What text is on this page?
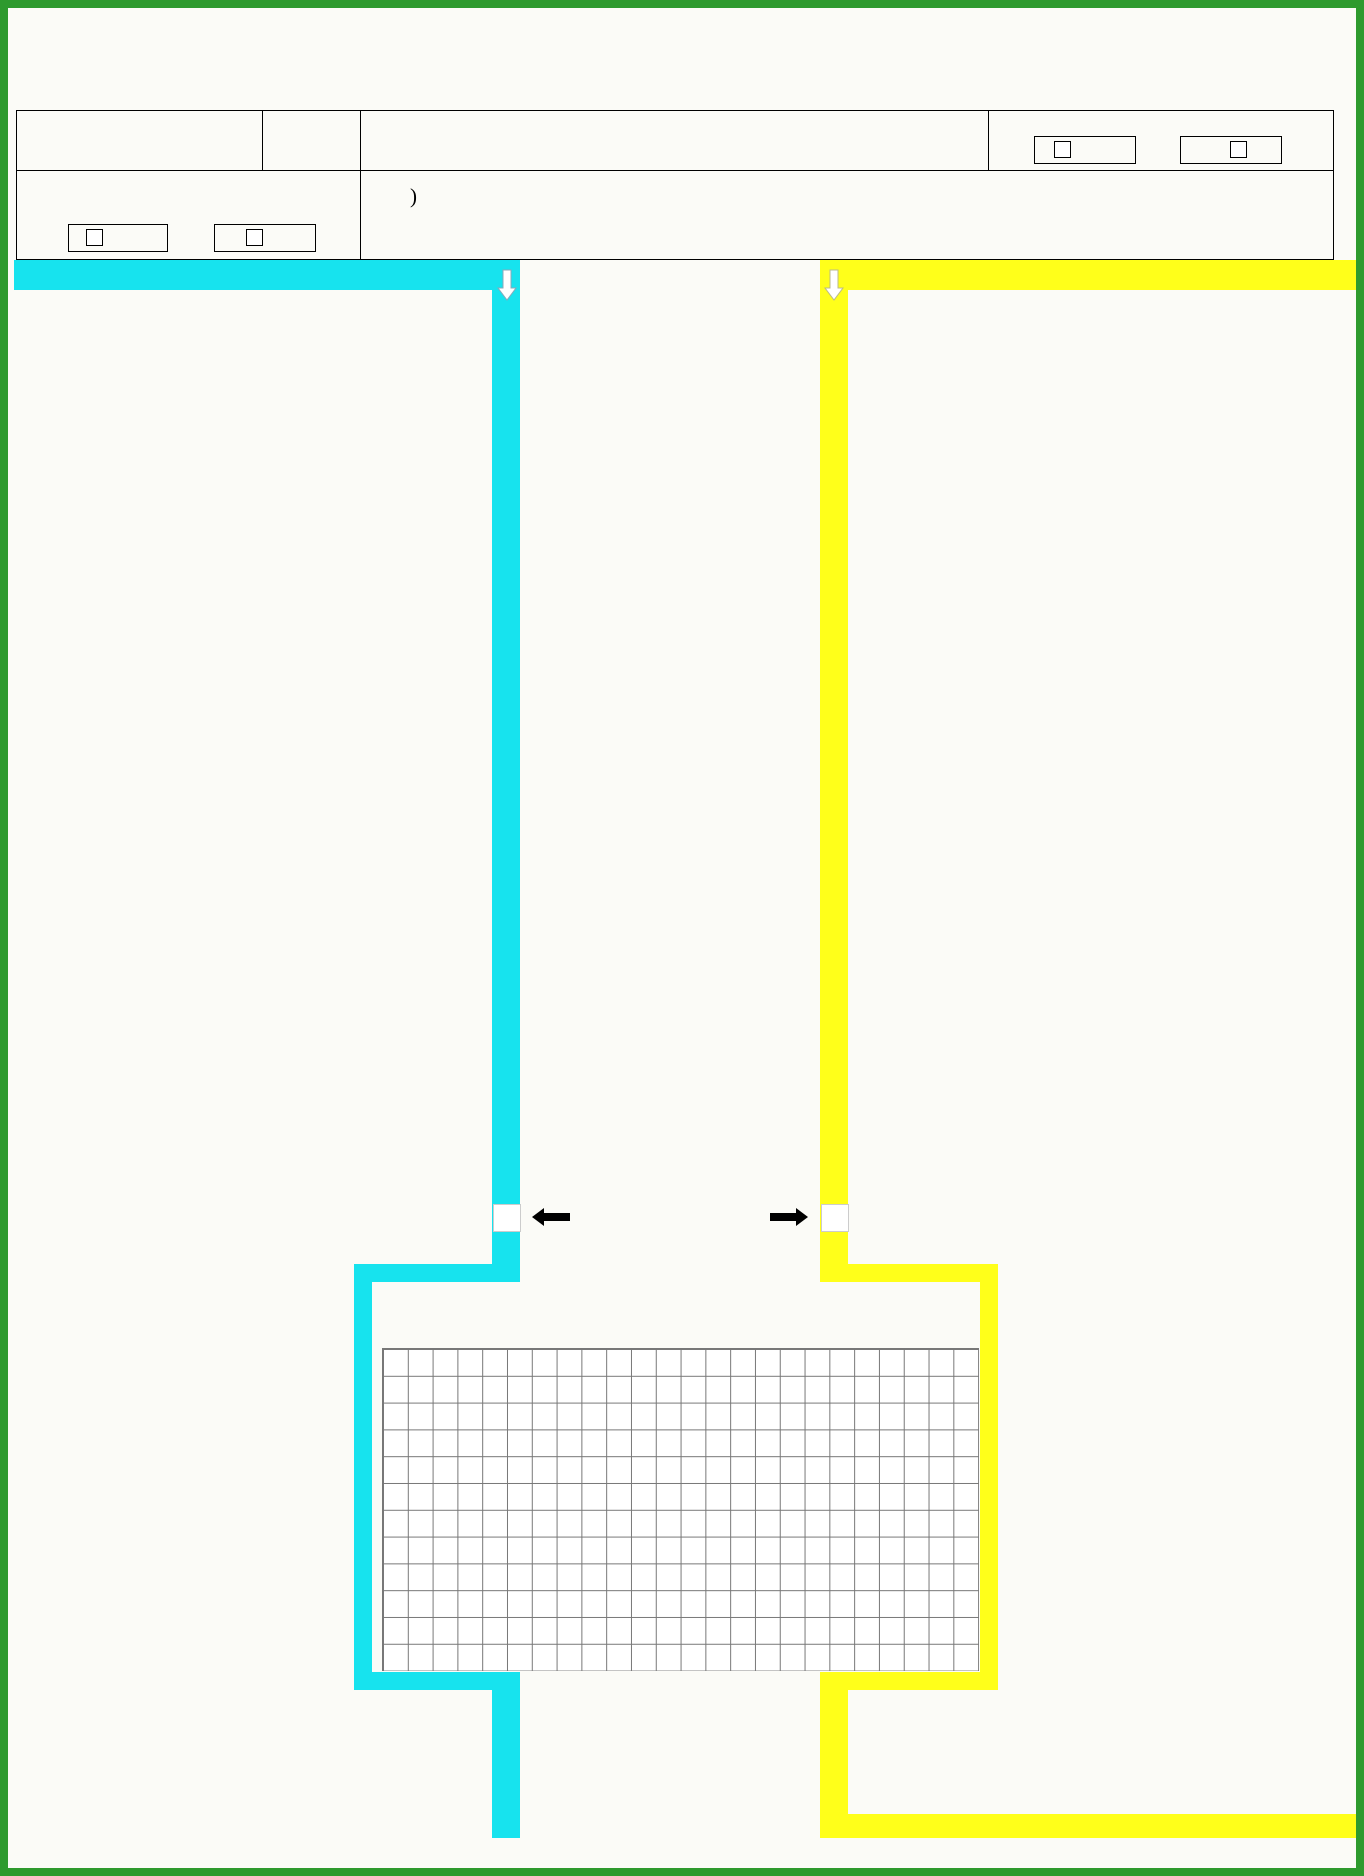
)
